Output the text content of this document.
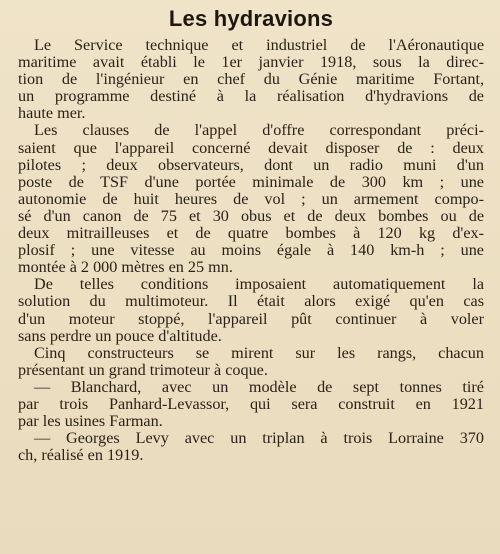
Les hydravions
Le Service technique et industriel de l'Aéronautique
maritime avait établi le 1er janvier 1918, sous la direc-
tion de l'ingénieur en chef du Génie maritime Fortant,
un programme destiné à la réalisation d'hydravions de
haute mer.
Les clauses de l'appel d'offre correspondant préci-
saient que l'appareil concerné devait disposer de : deux
pilotes ; deux observateurs, dont un radio muni d'un
poste de TSF d'une portée minimale de 300 km ; une
autonomie de huit heures de vol ; un armement compo-
sé d'un canon de 75 et 30 obus et de deux bombes ou de
deux mitrailleuses et de quatre bombes à 120 kg d'ex-
plosif ; une vitesse au moins égale à 140 km-h ; une
montée à 2 000 mètres en 25 mn.
De telles conditions imposaient automatiquement la
solution du multimoteur. Il était alors exigé qu'en cas
d'un moteur stoppé, l'appareil pût continuer à voler
sans perdre un pouce d'altitude.
Cinq constructeurs se mirent sur les rangs, chacun
présentant un grand trimoteur à coque.
— Blanchard, avec un modèle de sept tonnes tiré
par trois Panhard-Levassor, qui sera construit en 1921
par les usines Farman.
— Georges Levy avec un triplan à trois Lorraine 370
ch, réalisé en 1919.
